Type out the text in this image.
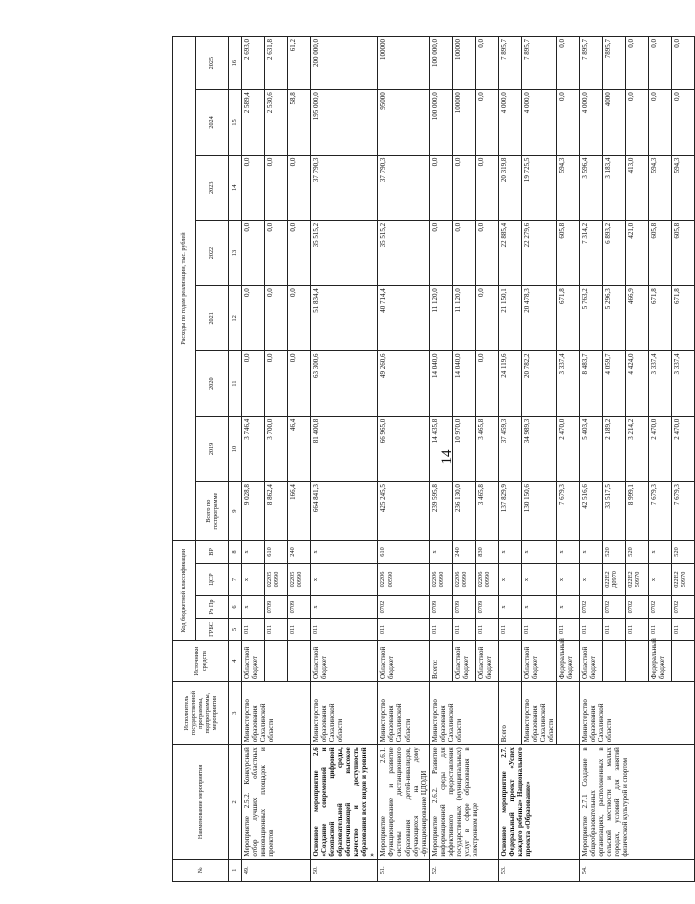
14
№	Наименование мероприятия	Исполнитель государственной программы, подпрограммы, мероприятия	Источники средств	Код бюджетной классификации				Расходы по годам реализации, тыс. рублей							
				ГРБС	Рз Пр	ЦСР	ВР	Всего по госпрограмме	2019	2020	2021	2022	2023	2024	2025
1	2	3	4	5	6	7	8	9	10	11	12	13	14	15	16
49.	Мероприятие 2.5.2. Конкурсный отбор лучших областных инновационных площадок и проектов	Министерство образования Сахалинской области	Областной бюджет	011	х	х	х	9 028,8	3 746,4	0,0	0,0	0,0	0,0	2 589,4	2 693,0
				011	0709	02205 00990	610	8 862,4	3 700,0	0,0	0,0	0,0	0,0	2 530,6	2 631,8
				011	0709	02205 00990	240	166,4	46,4	0,0	0,0	0,0	0,0	58,8	61,2
50.	Основное мероприятие 2.6 «Создание современной и безопасной цифровой образовательной среды, обеспечивающей высокое качество и доступность образования всех видов и уровней »	Министерство образования Сахалинской области	Областной бюджет	011	х	х	х	664 841,3	81 400,8	63 300,6	51 834,4	35 515,2	37 790,3	195 000,0	200 000,0
51.	Мероприятие 2.6.1. Функционирование и развитие системы дистанционного образования детей-инвалидов, обучающихся на дому -функционирование ЦДОДИ	Министерство образования Сахалинской области	Областной бюджет	011	0702	02206 00590	610	425 245,5	66 965,0	49 260,6	40 714,4	35 515,2	37 790,3	95000	100000
52.	Мероприятие 2.6.2. Развитие информационной среды для эффективного предоставления государственных (муниципальных) услуг в сфере образования в электронном виде	Министерство образования Сахалинской области	Всего:	011	0709	02206 00990	х	239 595,8	14 435,8	14 040,0	11 120,0	0,0	0,0	100 000,0	100 000,0
			Областной бюджет	011	0709	02206 00990	240	236 130,0	10 970,0	14 040,0	11 120,0	0,0	0,0	100000	100000
			Областной бюджет	011	0709	02206 00990	830	3 465,8	3 465,8	0,0	0,0	0,0	0,0	0,0	0,0
53.	Основное мероприятие 2.7. Федеральный проект «Успех каждого ребенка» Национального проекта «Образование»	Всего		011	х	х	х	137 829,9	37 459,3	24 119,6	21 150,1	22 885,4	20 319,8	4 000,0	7 895,7
		Министерство образования Сахалинской области	Областной бюджет	011	х	х	х	130 150,6	34 989,3	20 782,2	20 478,3	22 279,6	19 725,5	4 000,0	7 895,7
			Федеральный бюджет	011	х	х	х	7 679,3	2 470,0	3 337,4	671,8	605,8	594,3	0,0	0,0
54.	Мероприятие 2.7.1 Создание в общеобразовательных организациях, расположенных в сельской местности и малых городах, условий для занятий физической культурой и спортом	Министерство образования Сахалинской области	Областной бюджет	011	0702	х	х	42 516,6	5 403,4	8 483,7	5 763,2	7 314,2	3 596,4	4 000,0	7 895,7
				011	0702	022E2 Д0970	520	33 517,5	2 189,2	4 059,7	5 296,3	6 893,2	3 183,4	4000	7895,7
				011	0702	022E2 50970	520	8 999,1	3 214,2	4 424,0	466,9	421,0	413,0	0,0	0,0
			Федеральный бюджет	011	0702	х	х	7 679,3	2 470,0	3 337,4	671,8	605,8	594,3	0,0	0,0
				011	0702	022E2 50970	520	7 679,3	2 470,0	3 337,4	671,8	605,8	594,3	0,0	0,0
